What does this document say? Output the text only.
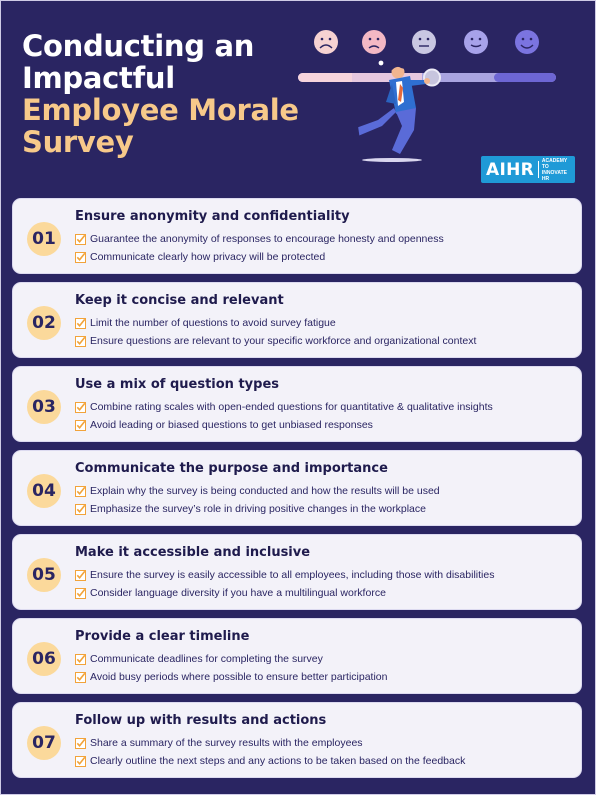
Conducting an
Impactful
Employee Morale
Survey
AIHR ACADEMY TO
INNOVATE HR
01
Ensure anonymity and confidentiality
Guarantee the anonymity of responses to encourage honesty and openness
Communicate clearly how privacy will be protected
02
Keep it concise and relevant
Limit the number of questions to avoid survey fatigue
Ensure questions are relevant to your specific workforce and organizational context
03
Use a mix of question types
Combine rating scales with open-ended questions for quantitative & qualitative insights
Avoid leading or biased questions to get unbiased responses
04
Communicate the purpose and importance
Explain why the survey is being conducted and how the results will be used
Emphasize the survey’s role in driving positive changes in the workplace
05
Make it accessible and inclusive
Ensure the survey is easily accessible to all employees, including those with disabilities
Consider language diversity if you have a multilingual workforce
06
Provide a clear timeline
Communicate deadlines for completing the survey
Avoid busy periods where possible to ensure better participation
07
Follow up with results and actions
Share a summary of the survey results with the employees
Clearly outline the next steps and any actions to be taken based on the feedback
